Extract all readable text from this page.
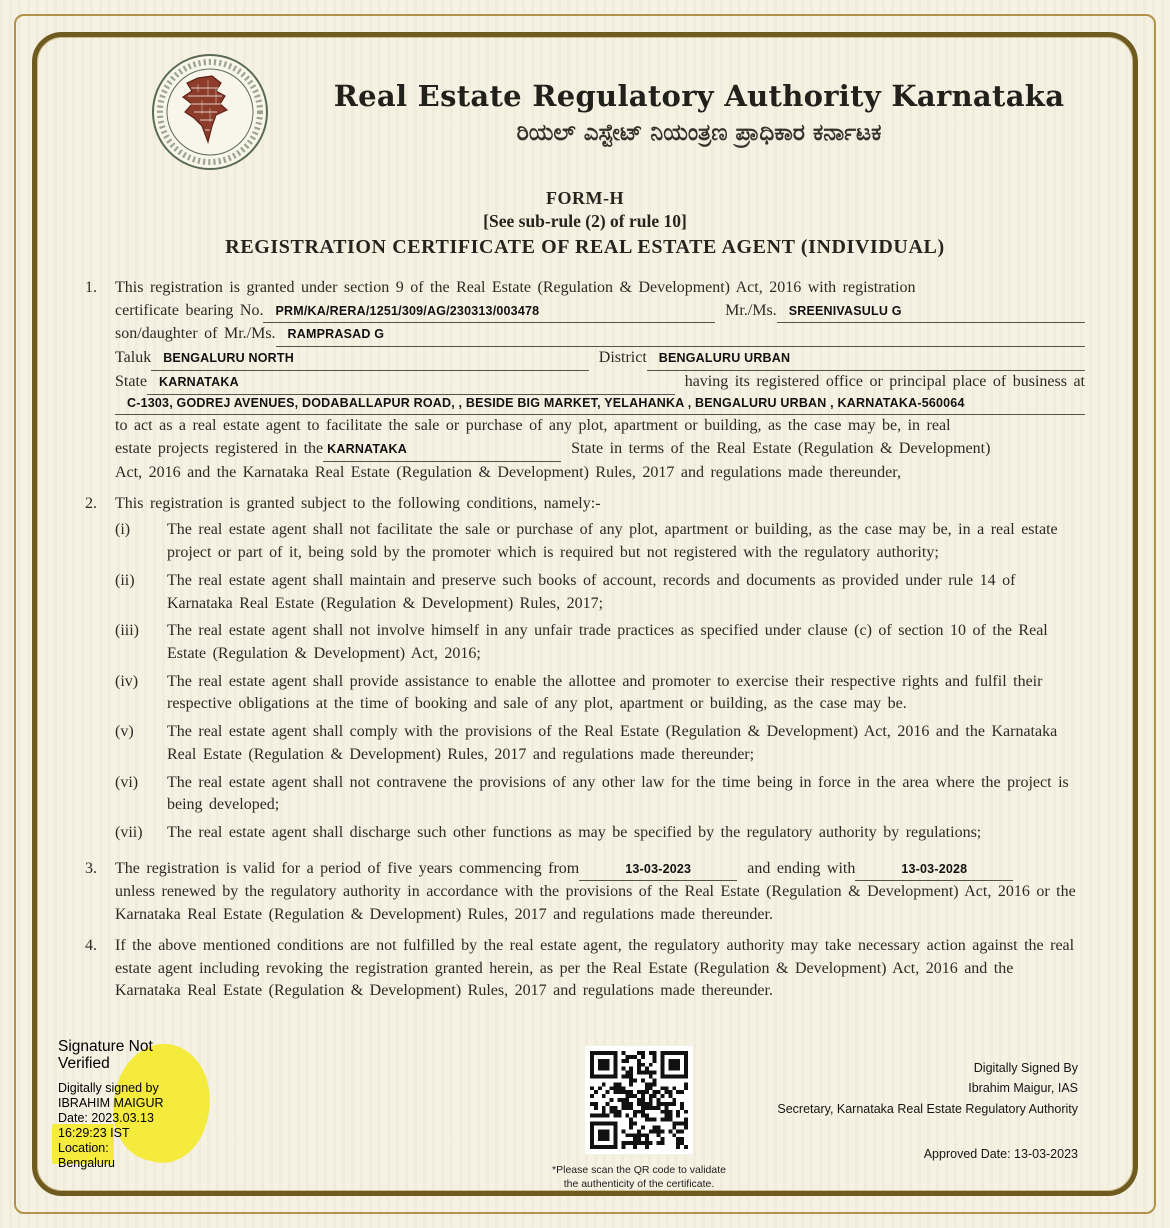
Real Estate Regulatory Authority Karnataka
ರಿಯಲ್ ಎಸ್ಟೇಟ್ ನಿಯಂತ್ರಣ ಪ್ರಾಧಿಕಾರ ಕರ್ನಾಟಕ
FORM-H
[See sub-rule (2) of rule 10]
REGISTRATION CERTIFICATE OF REAL ESTATE AGENT (INDIVIDUAL)
1.	This registration is granted under section 9 of the Real Estate (Regulation & Development) Act, 2016 with registration
certificate bearing No. PRM/KA/RERA/1251/309/AG/230313/003478	Mr./Ms. SREENIVASULU G
son/daughter of Mr./Ms. RAMPRASAD G
Taluk BENGALURU NORTH	District BENGALURU URBAN
State KARNATAKA	having its registered office or principal place of business at
C-1303, GODREJ AVENUES, DODABALLAPUR ROAD, , BESIDE BIG MARKET, YELAHANKA , BENGALURU URBAN , KARNATAKA-560064
to act as a real estate agent to facilitate the sale or purchase of any plot, apartment or building, as the case may be, in real
estate projects registered in the KARNATAKA	State in terms of the Real Estate (Regulation & Development)
Act, 2016 and the Karnataka Real Estate (Regulation & Development) Rules, 2017 and regulations made thereunder,
2.	This registration is granted subject to the following conditions, namely:-
(i)	The real estate agent shall not facilitate the sale or purchase of any plot, apartment or building, as the case may be, in a real estate project or part of it, being sold by the promoter which is required but not registered with the regulatory authority;
(ii)	The real estate agent shall maintain and preserve such books of account, records and documents as provided under rule 14 of Karnataka Real Estate (Regulation & Development) Rules, 2017;
(iii)	The real estate agent shall not involve himself in any unfair trade practices as specified under clause (c) of section 10 of the Real Estate (Regulation & Development) Act, 2016;
(iv)	The real estate agent shall provide assistance to enable the allottee and promoter to exercise their respective rights and fulfil their respective obligations at the time of booking and sale of any plot, apartment or building, as the case may be.
(v)	The real estate agent shall comply with the provisions of the Real Estate (Regulation & Development) Act, 2016 and the Karnataka Real Estate (Regulation & Development) Rules, 2017 and regulations made thereunder;
(vi)	The real estate agent shall not contravene the provisions of any other law for the time being in force in the area where the project is being developed;
(vii)	The real estate agent shall discharge such other functions as may be specified by the regulatory authority by regulations;
3.	The registration is valid for a period of five years commencing from	13-03-2023	and ending with	13-03-2028
unless renewed by the regulatory authority in accordance with the provisions of the Real Estate (Regulation & Development) Act, 2016 or the Karnataka Real Estate (Regulation & Development) Rules, 2017 and regulations made thereunder.
4.	If the above mentioned conditions are not fulfilled by the real estate agent, the regulatory authority may take necessary action against the real estate agent including revoking the registration granted herein, as per the Real Estate (Regulation & Development) Act, 2016 and the Karnataka Real Estate (Regulation & Development) Rules, 2017 and regulations made thereunder.
Signature Not
Verified
Digitally signed by
IBRAHIM MAIGUR
Date: 2023.03.13
16:29:23 IST
Location:
Bengaluru
*Please scan the QR code to validate
the authenticity of the certificate.
Digitally Signed By
Ibrahim Maigur, IAS
Secretary, Karnataka Real Estate Regulatory Authority
Approved Date: 13-03-2023
